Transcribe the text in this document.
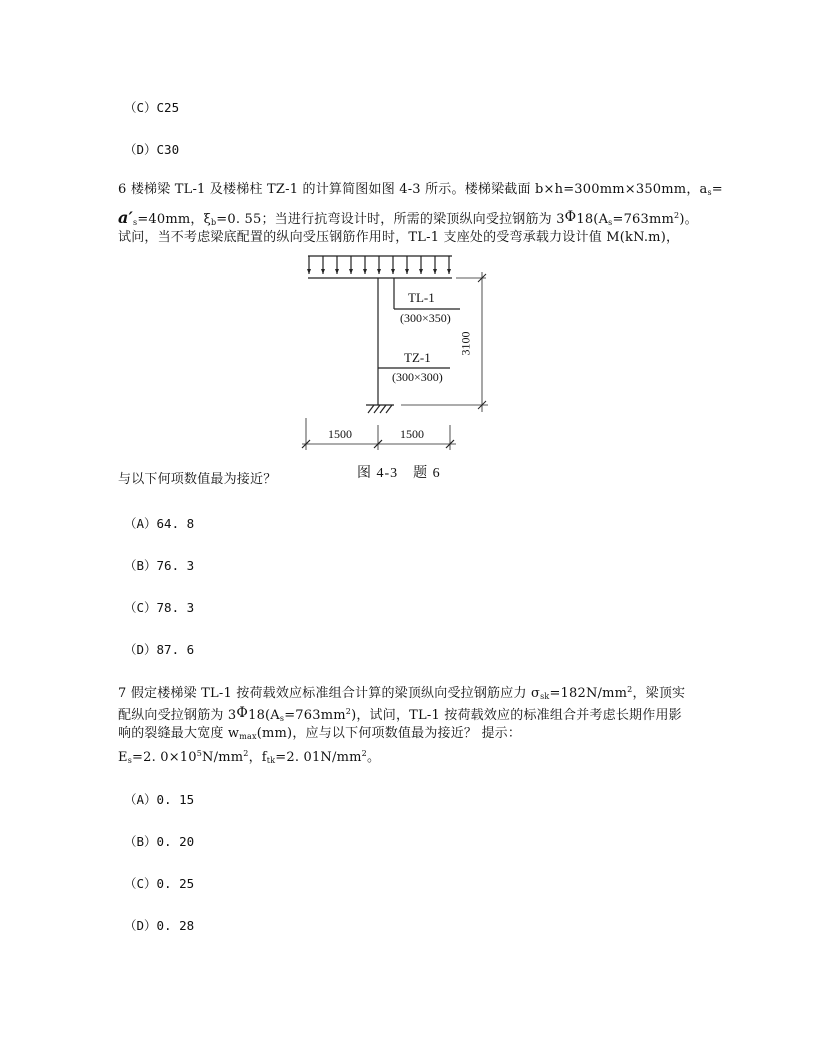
（C）C25
（D）C30
6 楼梯梁 TL-1 及楼梯柱 TZ-1 的计算简图如图 4-3 所示。楼梯梁截面 b×h=300mm×350mm，$a_s=$
$a'_s=40mm$，$\xi_b=0$. 55；当进行抗弯设计时，所需的梁顶纵向受拉钢筋为 $3\Phi 18(A_s=763mm^2)$。
试问，当不考虑梁底配置的纵向受压钢筋作用时，TL-1 支座处的受弯承载力设计值 M(kN.m)，
TL-1
(300×350)
TZ-1
(300×300)
3100
1500	1500
图 4-3　题 6
与以下何项数值最为接近？
（A）64. 8
（B）76. 3
（C）78. 3
（D）87. 6
7 假定楼梯梁 TL-1 按荷载效应标准组合计算的梁顶纵向受拉钢筋应力 $\sigma_{sk}=182N/mm^2$，梁顶实
配纵向受拉钢筋为 $3\Phi 18(A_s=763mm^2)$，试问，TL-1 按荷载效应的标准组合并考虑长期作用影
响的裂缝最大宽度 $w_{max}(mm)$，应与以下何项数值最为接近？ 提示：
$E_s=2$. $0\times 10^5N/mm^2$，$f_{tk}=2$. $01N/mm^2$。
（A）0. 15
（B）0. 20
（C）0. 25
（D）0. 28
